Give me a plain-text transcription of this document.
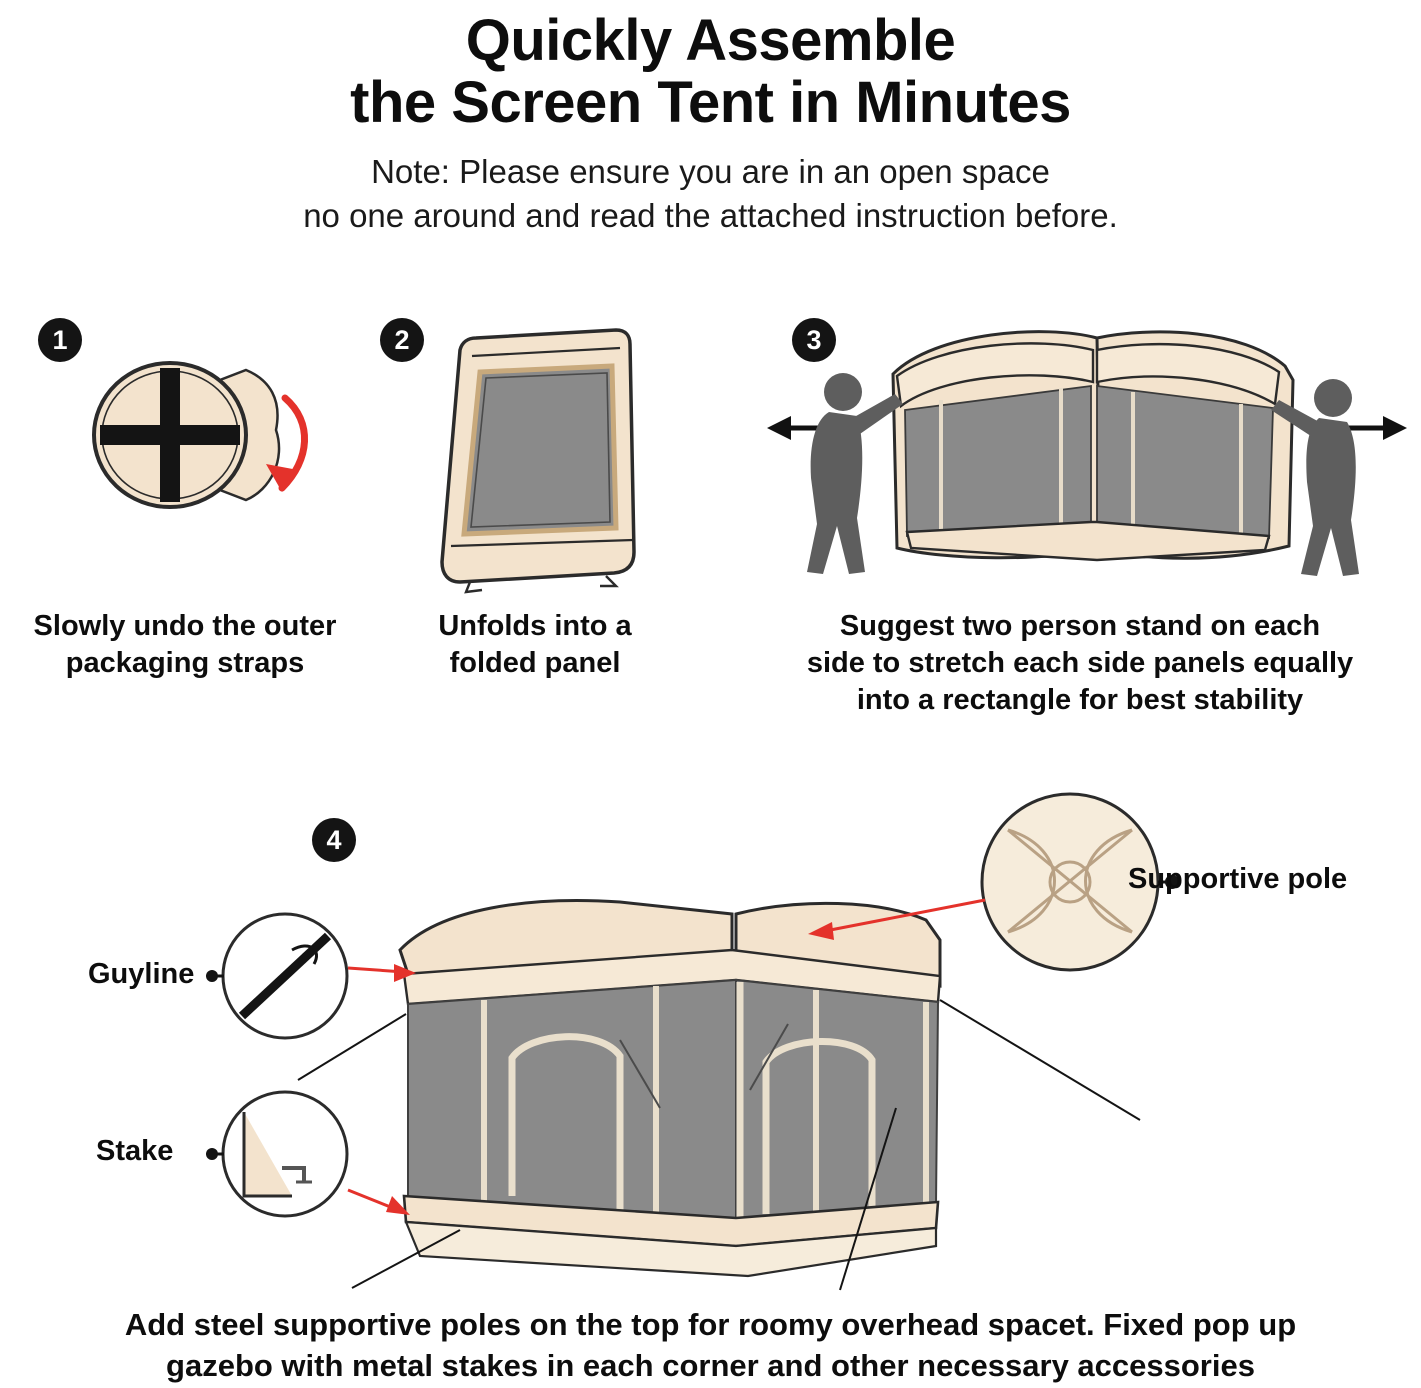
Quickly Assemble
the Screen Tent in Minutes
Note: Please ensure you are in an open space
no one around and read the attached instruction before.
1
Slowly undo the outer
packaging straps
2
Unfolds into a
folded panel
3
Suggest two person stand on each
side to stretch each side panels equally
into a rectangle for best stability
4
Supportive pole
Guyline
Stake
Add steel supportive poles on the top for roomy overhead spacet. Fixed pop up
gazebo with metal stakes in each corner and other necessary accessories
